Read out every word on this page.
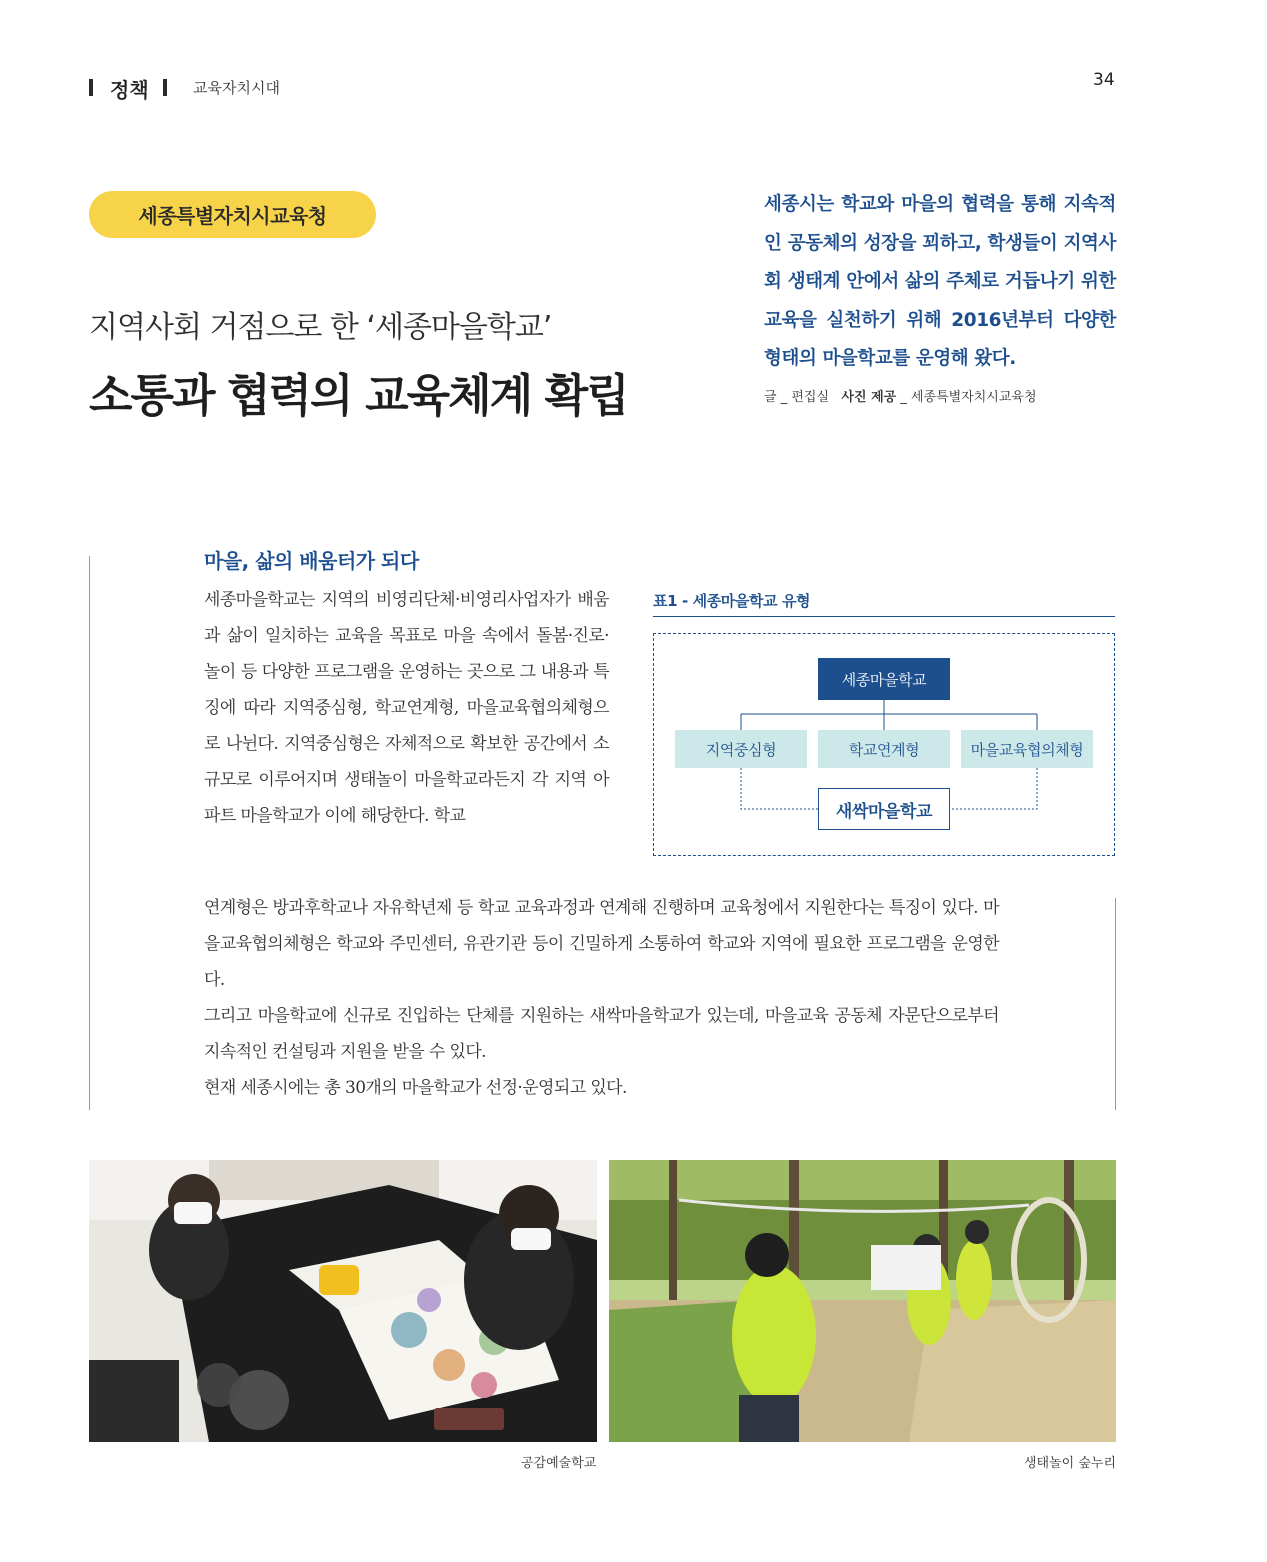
정책	교육자치시대	34
세종특별자치시교육청
지역사회 거점으로 한 ‘세종마을학교’
소통과 협력의 교육체계 확립
세종시는 학교와 마을의 협력을 통해 지속적인 공동체의 성장을 꾀하고, 학생들이 지역사회 생태계 안에서 삶의 주체로 거듭나기 위한 교육을 실천하기 위해 2016년부터 다양한 형태의 마을학교를 운영해 왔다.
글 _ 편집실 사진 제공 _ 세종특별자치시교육청
마을, 삶의 배움터가 되다
세종마을학교는 지역의 비영리단체·비영리사업자가 배움과 삶이 일치하는 교육을 목표로 마을 속에서 돌봄·진로·놀이 등 다양한 프로그램을 운영하는 곳으로 그 내용과 특징에 따라 지역중심형, 학교연계형, 마을교육협의체형으로 나뉜다. 지역중심형은 자체적으로 확보한 공간에서 소규모로 이루어지며 생태놀이 마을학교라든지 각 지역 아파트 마을학교가 이에 해당한다. 학교

연계형은 방과후학교나 자유학년제 등 학교 교육과정과 연계해 진행하며 교육청에서 지원한다는 특징이 있다. 마을교육협의체형은 학교와 주민센터, 유관기관 등이 긴밀하게 소통하여 학교와 지역에 필요한 프로그램을 운영한다.

그리고 마을학교에 신규로 진입하는 단체를 지원하는 새싹마을학교가 있는데, 마을교육 공동체 자문단으로부터 지속적인 컨설팅과 지원을 받을 수 있다.

현재 세종시에는 총 30개의 마을학교가 선정·운영되고 있다.

표1 - 세종마을학교 유형
세종마을학교
지역중심형	학교연계형	마을교육협의체형
새싹마을학교
공감예술학교	생태놀이 숲누리
